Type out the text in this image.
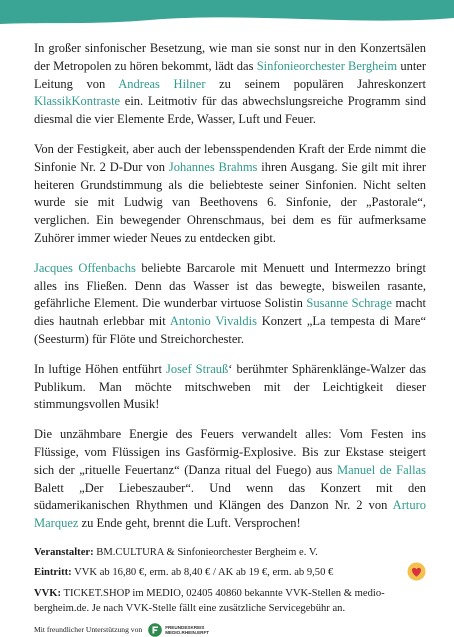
In großer sinfonischer Besetzung, wie man sie sonst nur in den Konzertsälen der Metropolen zu hören bekommt, lädt das Sinfonieorchester Bergheim unter Leitung von Andreas Hilner zu seinem populären Jahreskonzert KlassikKontraste ein. Leitmotiv für das abwechslungsreiche Programm sind diesmal die vier Elemente Erde, Wasser, Luft und Feuer.

Von der Festigkeit, aber auch der lebensspendenden Kraft der Erde nimmt die Sinfonie Nr. 2 D-Dur von Johannes Brahms ihren Ausgang. Sie gilt mit ihrer heiteren Grundstimmung als die beliebteste seiner Sinfonien. Nicht selten wurde sie mit Ludwig van Beethovens 6. Sinfonie, der „Pastorale“, verglichen. Ein bewegender Ohrenschmaus, bei dem es für aufmerksame Zuhörer immer wieder Neues zu entdecken gibt.

Jacques Offenbachs beliebte Barcarole mit Menuett und Intermezzo bringt alles ins Fließen. Denn das Wasser ist das bewegte, bisweilen rasante, gefährliche Element. Die wunderbar virtuose Solistin Susanne Schrage macht dies hautnah erlebbar mit Antonio Vivaldis Konzert „La tempesta di Mare“ (Seesturm) für Flöte und Streichorchester.

In luftige Höhen entführt Josef Strauß‘ berühmter Sphärenklänge-Walzer das Publikum. Man möchte mitschweben mit der Leichtigkeit dieser stimmungsvollen Musik!

Die unzähmbare Energie des Feuers verwandelt alles: Vom Festen ins Flüssige, vom Flüssigen ins Gasförmig-Explosive. Bis zur Ekstase steigert sich der „rituelle Feuertanz“ (Danza ritual del Fuego) aus Manuel de Fallas Balett „Der Liebeszauber“. Und wenn das Konzert mit den südamerikanischen Rhythmen und Klängen des Danzon Nr. 2 von Arturo Marquez zu Ende geht, brennt die Luft. Versprochen!

Veranstalter: BM.CULTURA & Sinfonieorchester Bergheim e. V.

Eintritt: VVK ab 16,80 €, erm. ab 8,40 € / AK ab 19 €, erm. ab 9,50 €

VVK: TICKET.SHOP im MEDIO, 02405 40860 bekannte VVK-Stellen & medio-bergheim.de. Je nach VVK-Stelle fällt eine zusätzliche Servicegebühr an.

Mit freundlicher Unterstützung von	FREUNDESKREIS
MEDIO.RHEIN.ERFT
